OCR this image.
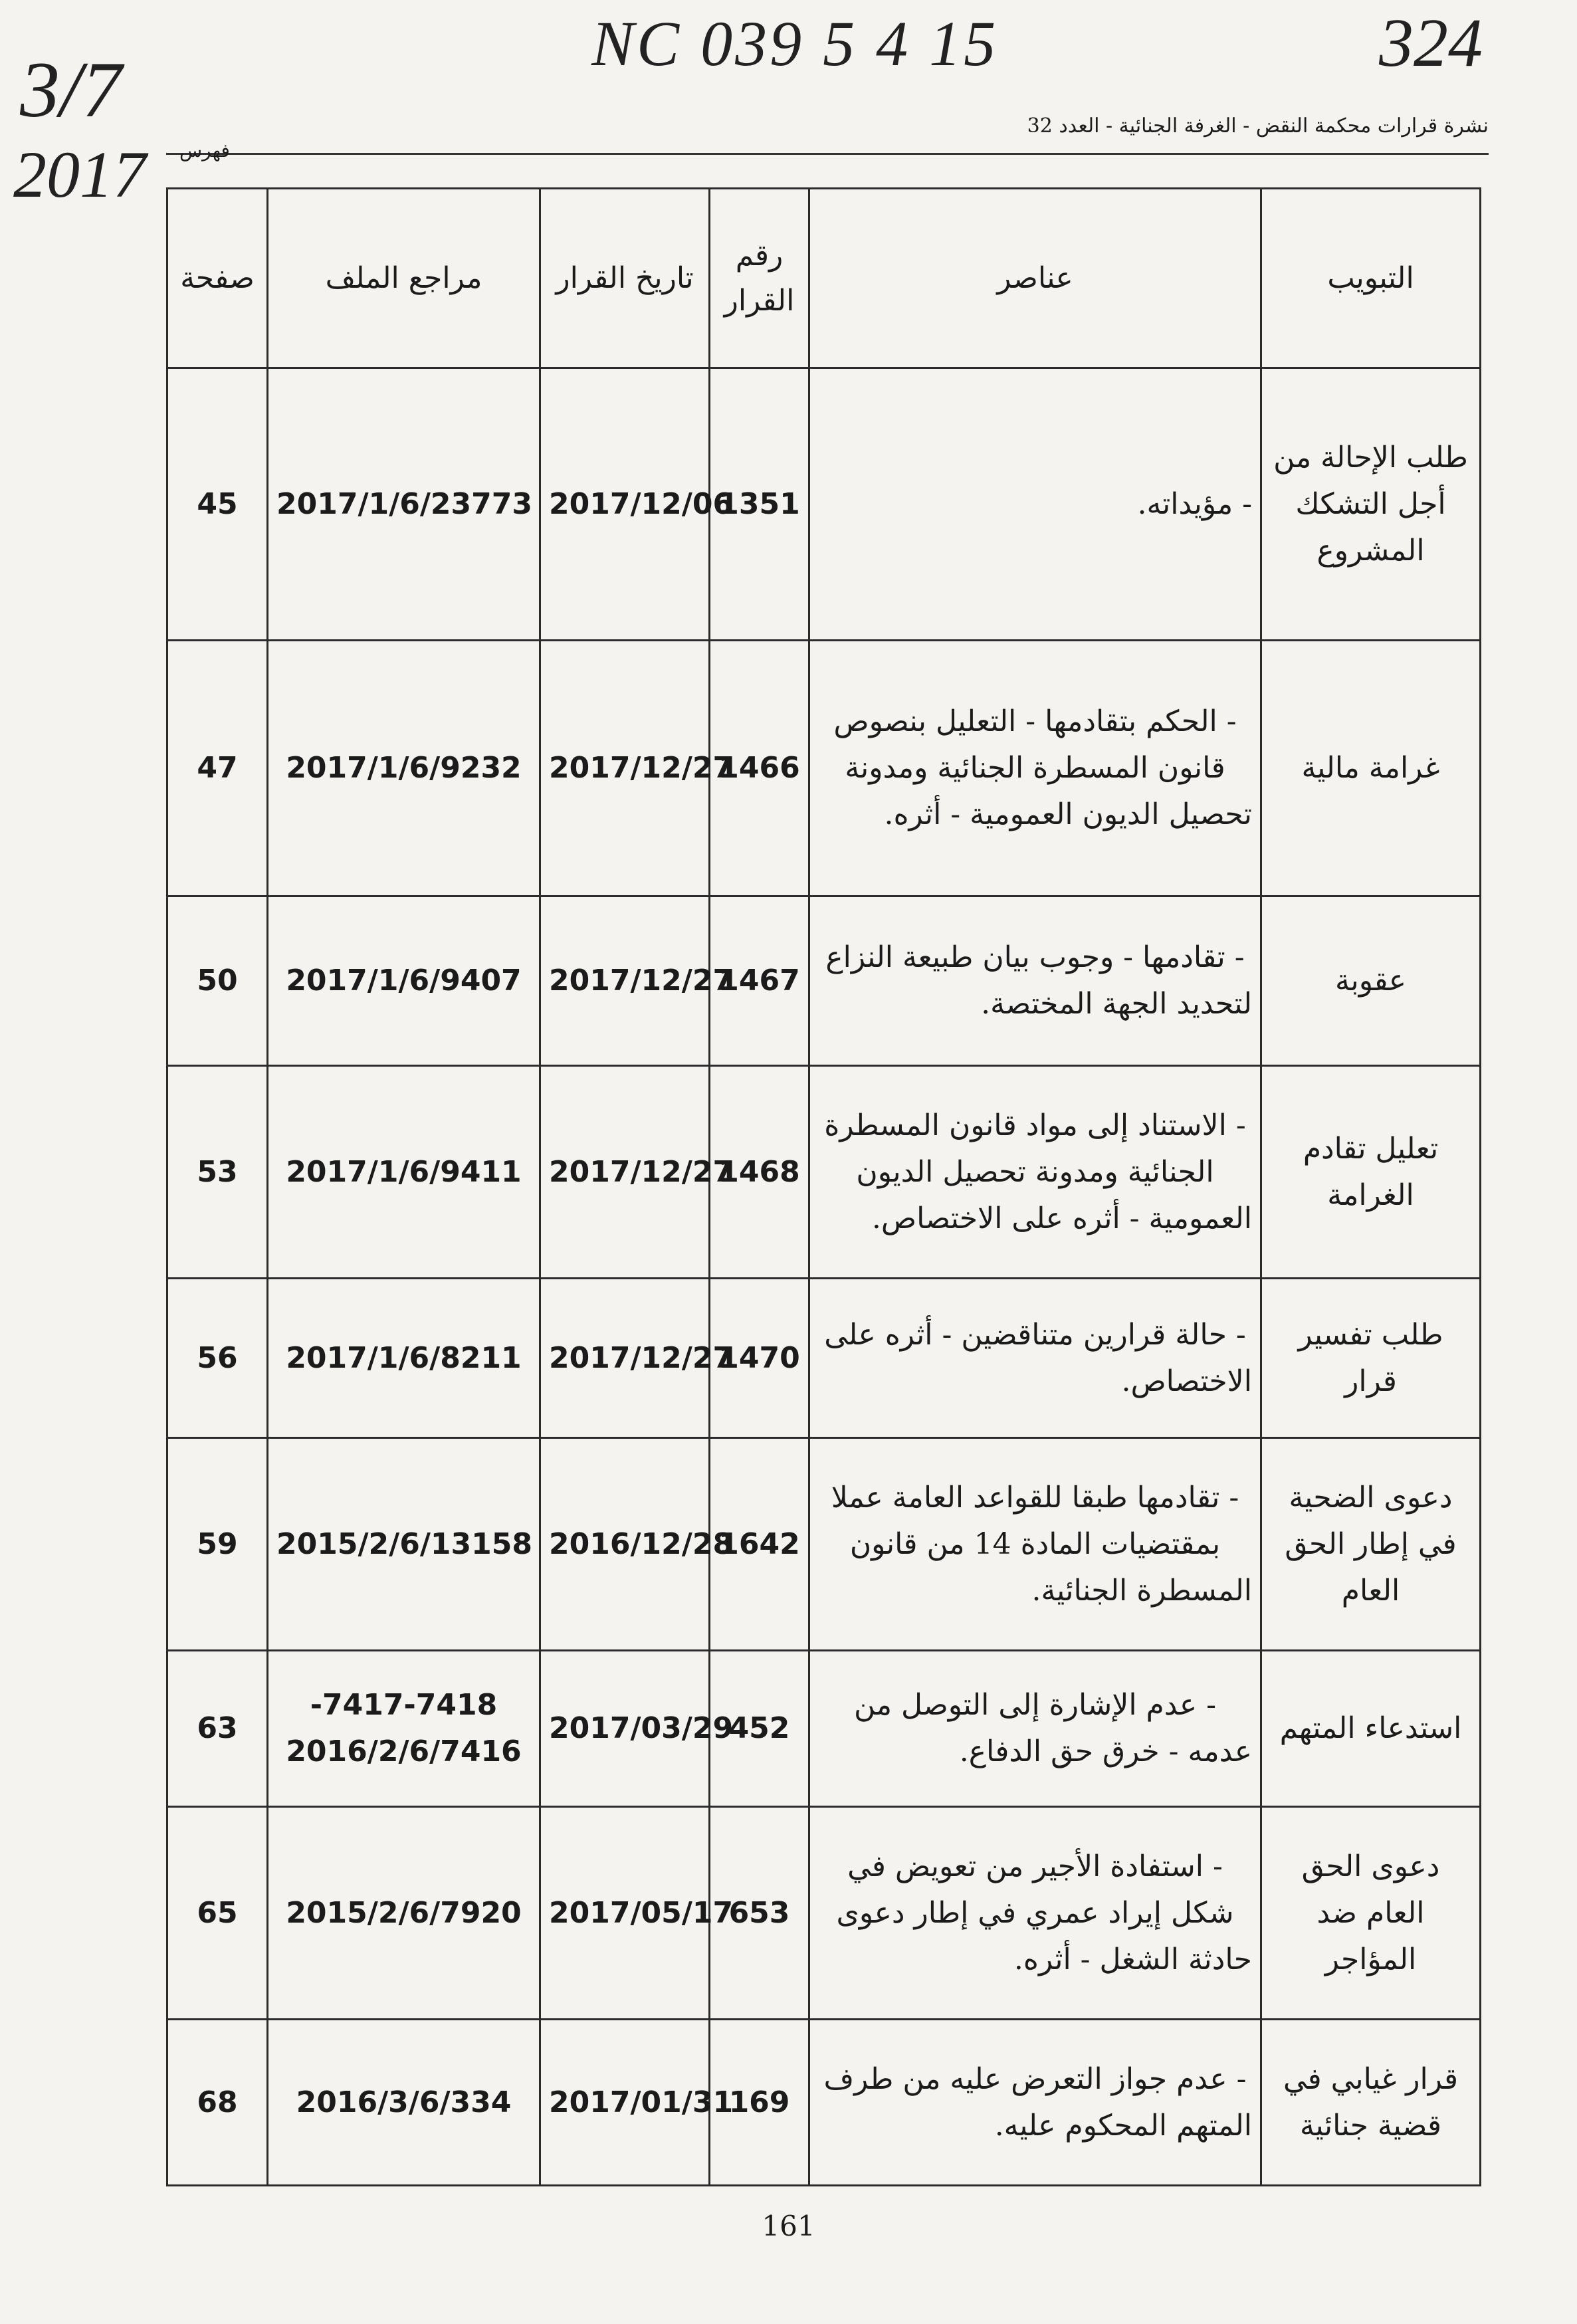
NC 039 5 4 15	324
3/7
2017
نشرة قرارات محكمة النقض - الغرفة الجنائية - العدد 32
فهرس
التبويب	عناصر	رقم القرار	تاريخ القرار	مراجع الملف	صفحة
طلب الإحالة من أجل التشكك المشروع	- مؤيداته.	1351	2017/12/06	2017/1/6/23773	45
غرامة مالية	- الحكم بتقادمها - التعليل بنصوص قانون المسطرة الجنائية ومدونة تحصيل الديون العمومية - أثره.	1466	2017/12/27	2017/1/6/9232	47
عقوبة	- تقادمها - وجوب بيان طبيعة النزاع لتحديد الجهة المختصة.	1467	2017/12/27	2017/1/6/9407	50
تعليل تقادم الغرامة	- الاستناد إلى مواد قانون المسطرة الجنائية ومدونة تحصيل الديون العمومية - أثره على الاختصاص.	1468	2017/12/27	2017/1/6/9411	53
طلب تفسير قرار	- حالة قرارين متناقضين - أثره على الاختصاص.	1470	2017/12/27	2017/1/6/8211	56
دعوى الضحية في إطار الحق العام	- تقادمها طبقا للقواعد العامة عملا بمقتضيات المادة 14 من قانون المسطرة الجنائية.	1642	2016/12/28	2015/2/6/13158	59
استدعاء المتهم	- عدم الإشارة إلى التوصل من عدمه - خرق حق الدفاع.	452	2017/03/29	-7417-7418 2016/2/6/7416	63
دعوى الحق العام ضد المؤاجر	- استفادة الأجير من تعويض في شكل إيراد عمري في إطار دعوى حادثة الشغل - أثره.	653	2017/05/17	2015/2/6/7920	65
قرار غيابي في قضية جنائية	- عدم جواز التعرض عليه من طرف المتهم المحكوم عليه.	169	2017/01/31	2016/3/6/334	68
161
